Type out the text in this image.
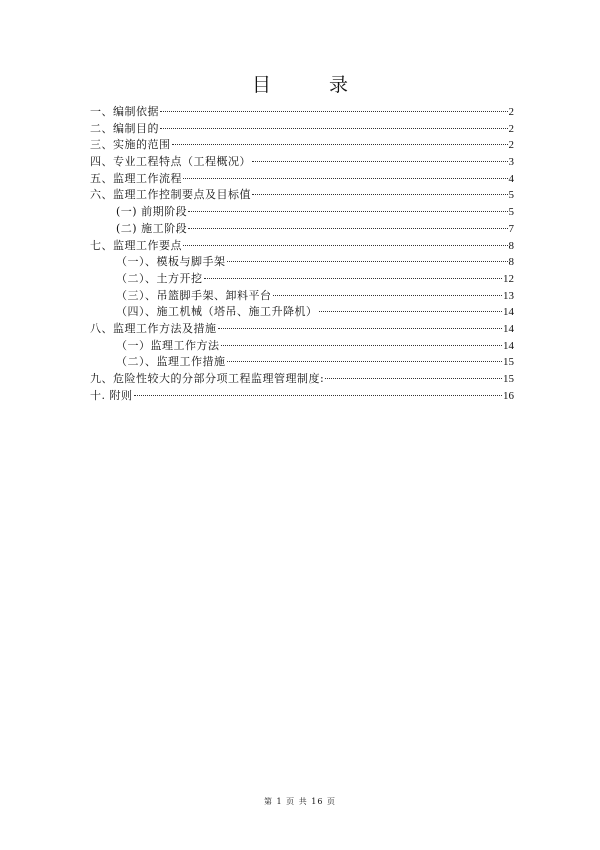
目 录
一、编制依据	2
二、编制目的	2
三、实施的范围	2
四、专业工程特点（工程概况）	3
五、监理工作流程	4
六、监理工作控制要点及目标值	5
(一) 前期阶段	5
(二) 施工阶段	7
七、监理工作要点	8
（一）、模板与脚手架	8
（二）、土方开挖	12
（三）、吊篮脚手架、卸料平台	13
（四）、施工机械（塔吊、施工升降机）	14
八、监理工作方法及措施	14
（一）监理工作方法	14
（二）、监理工作措施	15
九、危险性较大的分部分项工程监理管理制度:	15
十. 附则	16
第 1 页 共 16 页
